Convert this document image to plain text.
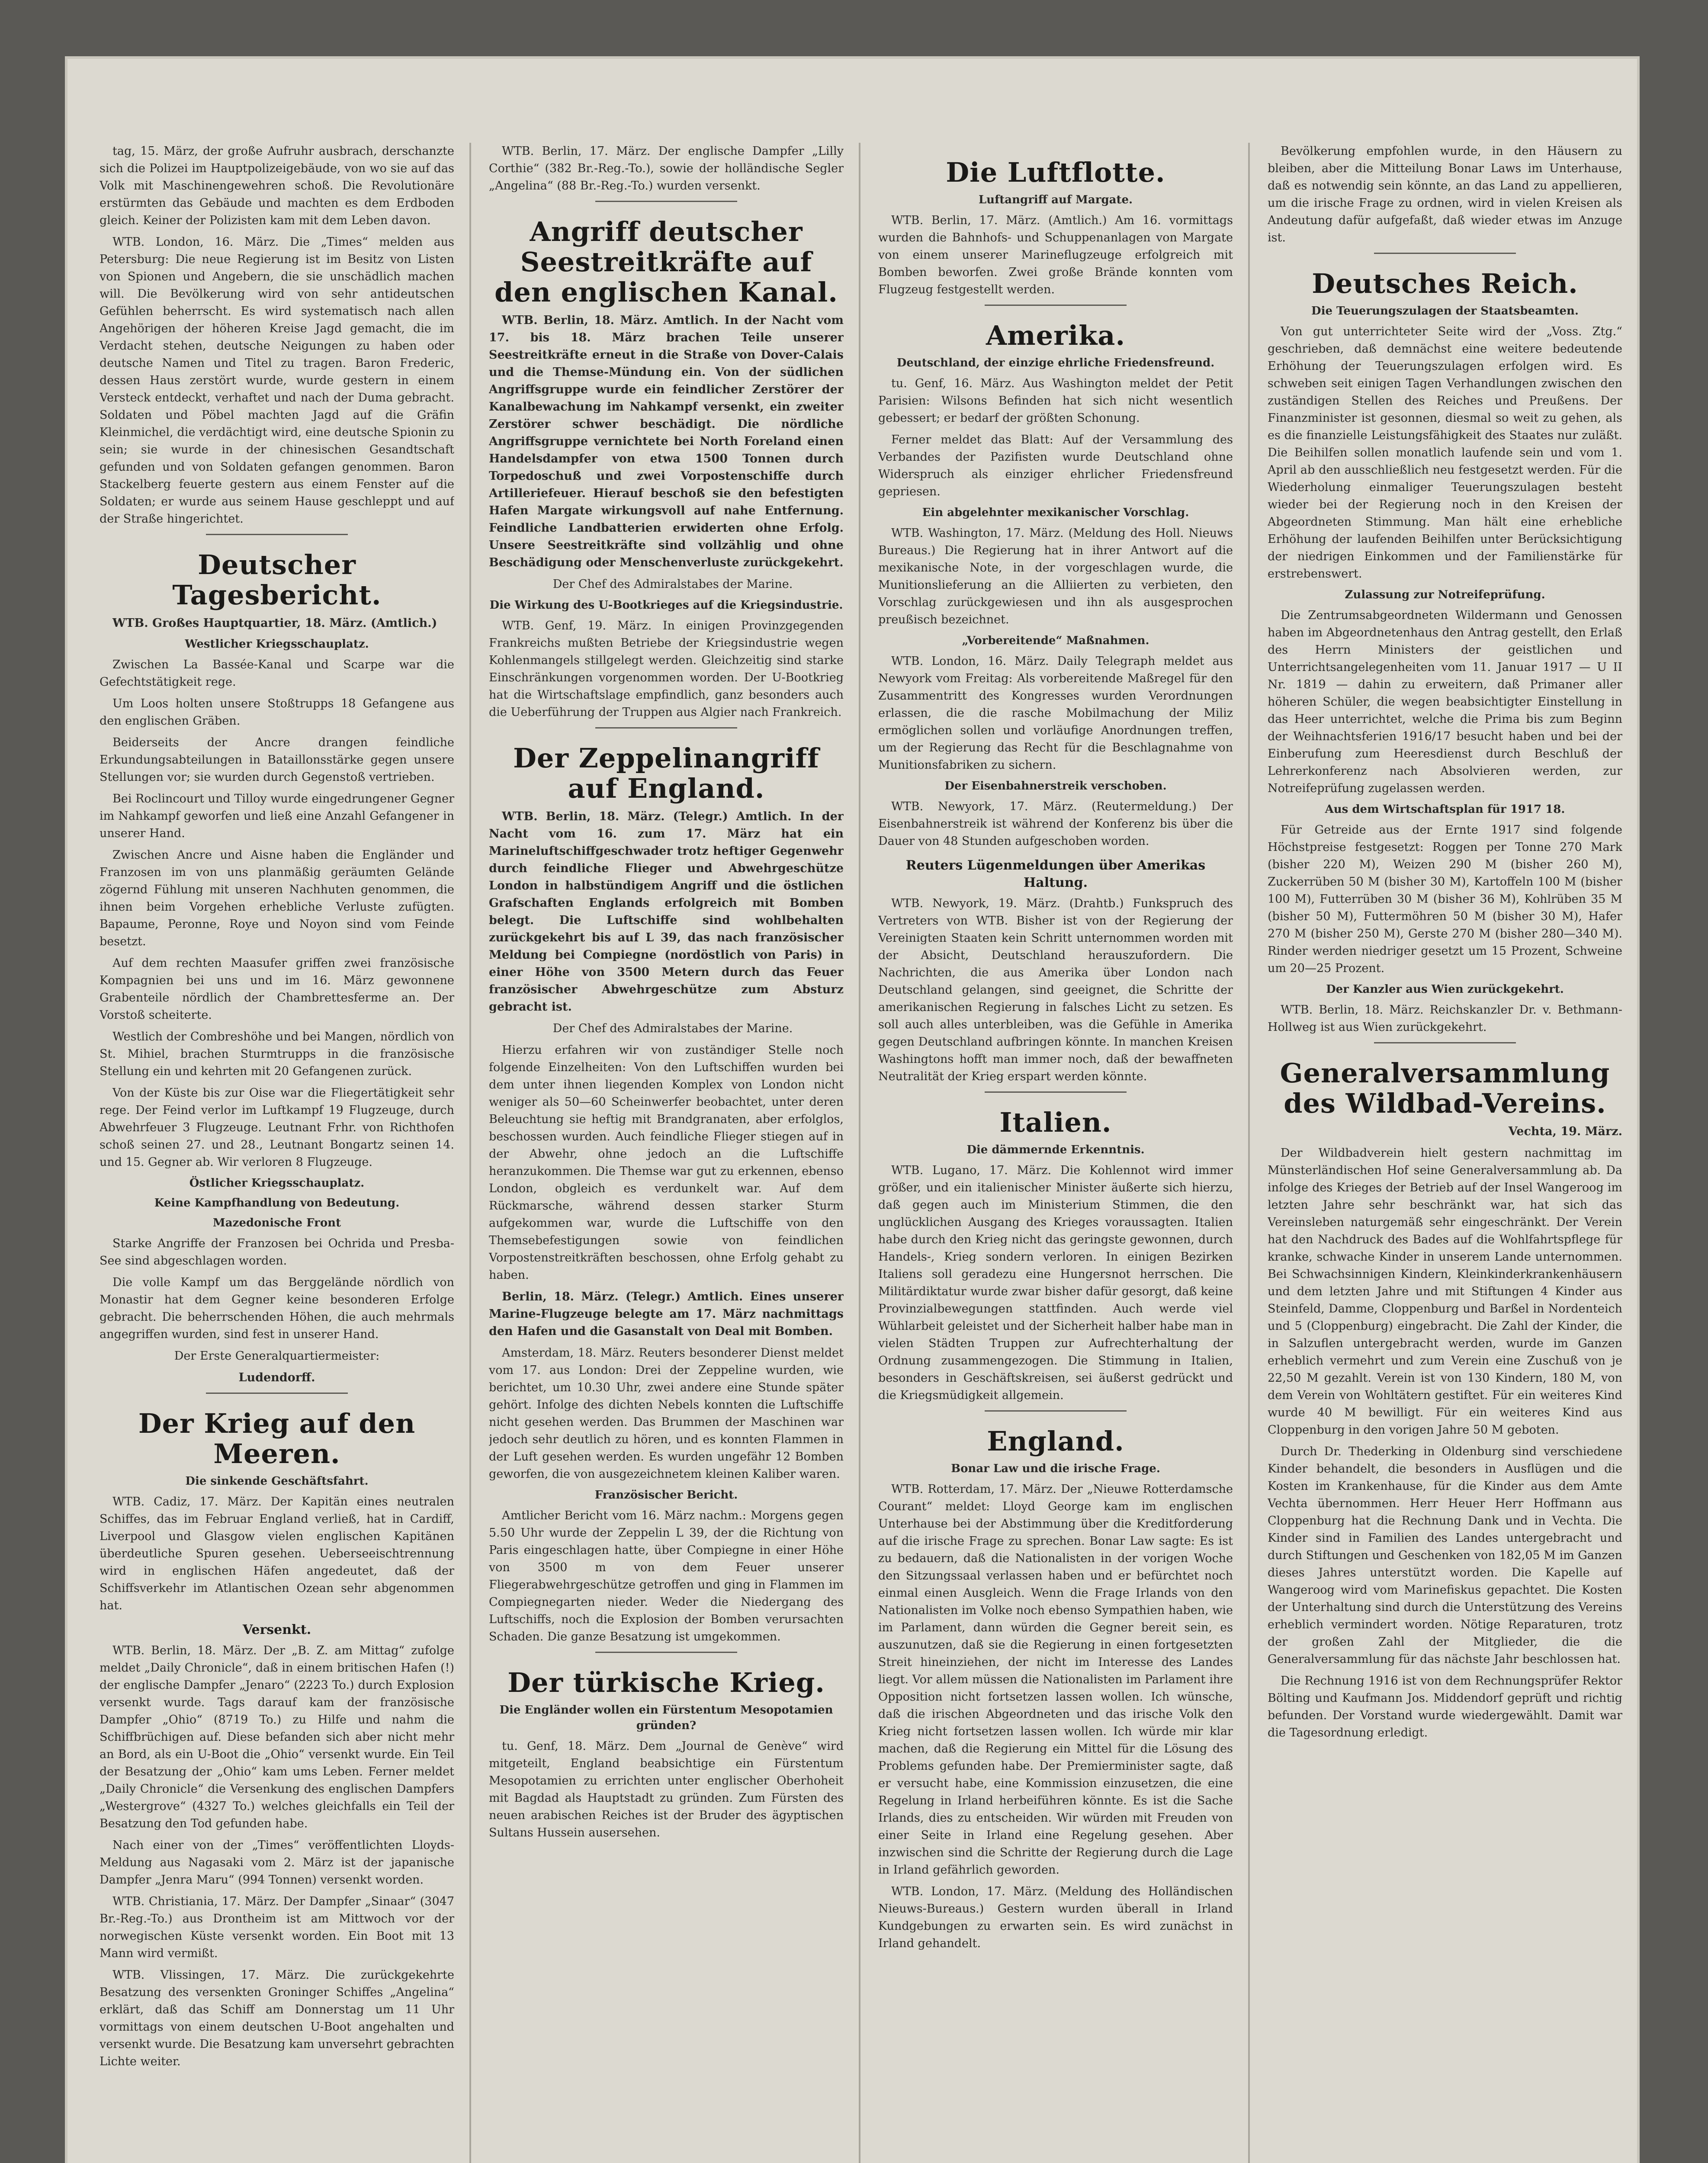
tag, 15. März, der große Aufruhr ausbrach, derschanzte sich die Polizei im Hauptpolizeigebäude, von wo sie auf das Volk mit Maschinengewehren schoß. Die Revolutionäre erstürmten das Gebäude und machten es dem Erdboden gleich. Keiner der Polizisten kam mit dem Leben davon.

WTB. London, 16. März. Die „Times“ melden aus Petersburg: Die neue Regierung ist im Besitz von Listen von Spionen und Angebern, die sie unschädlich machen will. Die Bevölkerung wird von sehr antideutschen Gefühlen beherrscht. Es wird systematisch nach allen Angehörigen der höheren Kreise Jagd gemacht, die im Verdacht stehen, deutsche Neigungen zu haben oder deutsche Namen und Titel zu tragen. Baron Frederic, dessen Haus zerstört wurde, wurde gestern in einem Versteck entdeckt, verhaftet und nach der Duma gebracht. Soldaten und Pöbel machten Jagd auf die Gräfin Kleinmichel, die verdächtigt wird, eine deutsche Spionin zu sein; sie wurde in der chinesischen Gesandtschaft gefunden und von Soldaten gefangen genommen. Baron Stackelberg feuerte gestern aus einem Fenster auf die Soldaten; er wurde aus seinem Hause geschleppt und auf der Straße hingerichtet.

Deutscher Tagesbericht.

WTB. Großes Hauptquartier, 18. März. (Amtlich.)

Westlicher Kriegsschauplatz.

Zwischen La Bassée-Kanal und Scarpe war die Gefechtstätigkeit rege.

Um Loos holten unsere Stoßtrupps 18 Gefangene aus den englischen Gräben.

Beiderseits der Ancre drangen feindliche Erkundungsabteilungen in Bataillonsstärke gegen unsere Stellungen vor; sie wurden durch Gegenstoß vertrieben.

Bei Roclincourt und Tilloy wurde eingedrungener Gegner im Nahkampf geworfen und ließ eine Anzahl Gefangener in unserer Hand.

Zwischen Ancre und Aisne haben die Engländer und Franzosen im von uns planmäßig geräumten Gelände zögernd Fühlung mit unseren Nachhuten genommen, die ihnen beim Vorgehen erhebliche Verluste zufügten. Bapaume, Peronne, Roye und Noyon sind vom Feinde besetzt.

Auf dem rechten Maasufer griffen zwei französische Kompagnien bei uns und im 16. März gewonnene Grabenteile nördlich der Chambrettesferme an. Der Vorstoß scheiterte.

Westlich der Combreshöhe und bei Mangen, nördlich von St. Mihiel, brachen Sturmtrupps in die französische Stellung ein und kehrten mit 20 Gefangenen zurück.

Von der Küste bis zur Oise war die Fliegertätigkeit sehr rege. Der Feind verlor im Luftkampf 19 Flugzeuge, durch Abwehrfeuer 3 Flugzeuge. Leutnant Frhr. von Richthofen schoß seinen 27. und 28., Leutnant Bongartz seinen 14. und 15. Gegner ab. Wir verloren 8 Flugzeuge.

Östlicher Kriegsschauplatz.
Keine Kampfhandlung von Bedeutung.
Mazedonische Front

Starke Angriffe der Franzosen bei Ochrida und Presba-See sind abgeschlagen worden.

Die volle Kampf um das Berggelände nördlich von Monastir hat dem Gegner keine besonderen Erfolge gebracht. Die beherrschenden Höhen, die auch mehrmals angegriffen wurden, sind fest in unserer Hand.

Der Erste Generalquartiermeister:

Ludendorff.

Der Krieg auf den Meeren.
Die sinkende Geschäftsfahrt.

WTB. Cadiz, 17. März. Der Kapitän eines neutralen Schiffes, das im Februar England verließ, hat in Cardiff, Liverpool und Glasgow vielen englischen Kapitänen überdeutliche Spuren gesehen. Ueberseeischtrennung wird in englischen Häfen angedeutet, daß der Schiffsverkehr im Atlantischen Ozean sehr abgenommen hat.

Versenkt.

WTB. Berlin, 18. März. Der „B. Z. am Mittag“ zufolge meldet „Daily Chronicle“, daß in einem britischen Hafen (!) der englische Dampfer „Jenaro“ (2223 To.) durch Explosion versenkt wurde. Tags darauf kam der französische Dampfer „Ohio“ (8719 To.) zu Hilfe und nahm die Schiffbrüchigen auf. Diese befanden sich aber nicht mehr an Bord, als ein U-Boot die „Ohio“ versenkt wurde. Ein Teil der Besatzung der „Ohio“ kam ums Leben. Ferner meldet „Daily Chronicle“ die Versenkung des englischen Dampfers „Westergrove“ (4327 To.) welches gleichfalls ein Teil der Besatzung den Tod gefunden habe.

Nach einer von der „Times“ veröffentlichten Lloyds-Meldung aus Nagasaki vom 2. März ist der japanische Dampfer „Jenra Maru“ (994 Tonnen) versenkt worden.

WTB. Christiania, 17. März. Der Dampfer „Sinaar“ (3047 Br.-Reg.-To.) aus Drontheim ist am Mittwoch vor der norwegischen Küste versenkt worden. Ein Boot mit 13 Mann wird vermißt.

WTB. Vlissingen, 17. März. Die zurückgekehrte Besatzung des versenkten Groninger Schiffes „Angelina“ erklärt, daß das Schiff am Donnerstag um 11 Uhr vormittags von einem deutschen U-Boot angehalten und versenkt wurde. Die Besatzung kam unversehrt gebrachten Lichte weiter.

WTB. Berlin, 17. März. Der englische Dampfer „Lilly Corthie“ (382 Br.-Reg.-To.), sowie der holländische Segler „Angelina“ (88 Br.-Reg.-To.) wurden versenkt.

Angriff deutscher Seestreitkräfte auf den englischen Kanal.

WTB. Berlin, 18. März. Amtlich. In der Nacht vom 17. bis 18. März brachen Teile unserer Seestreitkräfte erneut in die Straße von Dover-Calais und die Themse-Mündung ein. Von der südlichen Angriffsgruppe wurde ein feindlicher Zerstörer der Kanalbewachung im Nahkampf versenkt, ein zweiter Zerstörer schwer beschädigt. Die nördliche Angriffsgruppe vernichtete bei North Foreland einen Handelsdampfer von etwa 1500 Tonnen durch Torpedoschuß und zwei Vorpostenschiffe durch Artilleriefeuer. Hierauf beschoß sie den befestigten Hafen Margate wirkungsvoll auf nahe Entfernung. Feindliche Landbatterien erwiderten ohne Erfolg. Unsere Seestreitkräfte sind vollzählig und ohne Beschädigung oder Menschenverluste zurückgekehrt.

Der Chef des Admiralstabes der Marine.

Die Wirkung des U-Bootkrieges auf die Kriegsindustrie.

WTB. Genf, 19. März. In einigen Provinzgegenden Frankreichs mußten Betriebe der Kriegsindustrie wegen Kohlenmangels stillgelegt werden. Gleichzeitig sind starke Einschränkungen vorgenommen worden. Der U-Bootkrieg hat die Wirtschaftslage empfindlich, ganz besonders auch die Ueberführung der Truppen aus Algier nach Frankreich.

Der Zeppelinangriff auf England.

WTB. Berlin, 18. März. (Telegr.) Amtlich. In der Nacht vom 16. zum 17. März hat ein Marineluftschiffgeschwader trotz heftiger Gegenwehr durch feindliche Flieger und Abwehrgeschütze London in halbstündigem Angriff und die östlichen Grafschaften Englands erfolgreich mit Bomben belegt. Die Luftschiffe sind wohlbehalten zurückgekehrt bis auf L 39, das nach französischer Meldung bei Compiegne (nordöstlich von Paris) in einer Höhe von 3500 Metern durch das Feuer französischer Abwehrgeschütze zum Absturz gebracht ist.

Der Chef des Admiralstabes der Marine.

Hierzu erfahren wir von zuständiger Stelle noch folgende Einzelheiten: Von den Luftschiffen wurden bei dem unter ihnen liegenden Komplex von London nicht weniger als 50—60 Scheinwerfer beobachtet, unter deren Beleuchtung sie heftig mit Brandgranaten, aber erfolglos, beschossen wurden. Auch feindliche Flieger stiegen auf in der Abwehr, ohne jedoch an die Luftschiffe heranzukommen. Die Themse war gut zu erkennen, ebenso London, obgleich es verdunkelt war. Auf dem Rückmarsche, während dessen starker Sturm aufgekommen war, wurde die Luftschiffe von den Themsebefestigungen sowie von feindlichen Vorpostenstreitkräften beschossen, ohne Erfolg gehabt zu haben.

Berlin, 18. März. (Telegr.) Amtlich. Eines unserer Marine-Flugzeuge belegte am 17. März nachmittags den Hafen und die Gasanstalt von Deal mit Bomben.

Amsterdam, 18. März. Reuters besonderer Dienst meldet vom 17. aus London: Drei der Zeppeline wurden, wie berichtet, um 10.30 Uhr, zwei andere eine Stunde später gehört. Infolge des dichten Nebels konnten die Luftschiffe nicht gesehen werden. Das Brummen der Maschinen war jedoch sehr deutlich zu hören, und es konnten Flammen in der Luft gesehen werden. Es wurden ungefähr 12 Bomben geworfen, die von ausgezeichnetem kleinen Kaliber waren.

Französischer Bericht.

Amtlicher Bericht vom 16. März nachm.: Morgens gegen 5.50 Uhr wurde der Zeppelin L 39, der die Richtung von Paris eingeschlagen hatte, über Compiegne in einer Höhe von 3500 m von dem Feuer unserer Fliegerabwehrgeschütze getroffen und ging in Flammen im Compiegnegarten nieder. Weder die Niedergang des Luftschiffs, noch die Explosion der Bomben verursachten Schaden. Die ganze Besatzung ist umgekommen.

Der türkische Krieg.
Die Engländer wollen ein Fürstentum Mesopotamien gründen?

tu. Genf, 18. März. Dem „Journal de Genève“ wird mitgeteilt, England beabsichtige ein Fürstentum Mesopotamien zu errichten unter englischer Oberhoheit mit Bagdad als Hauptstadt zu gründen. Zum Fürsten des neuen arabischen Reiches ist der Bruder des ägyptischen Sultans Hussein ausersehen.

Die Luftflotte.
Luftangriff auf Margate.

WTB. Berlin, 17. März. (Amtlich.) Am 16. vormittags wurden die Bahnhofs- und Schuppenanlagen von Margate von einem unserer Marineflugzeuge erfolgreich mit Bomben beworfen. Zwei große Brände konnten vom Flugzeug festgestellt werden.

Amerika.
Deutschland, der einzige ehrliche Friedensfreund.

tu. Genf, 16. März. Aus Washington meldet der Petit Parisien: Wilsons Befinden hat sich nicht wesentlich gebessert; er bedarf der größten Schonung.

Ferner meldet das Blatt: Auf der Versammlung des Verbandes der Pazifisten wurde Deutschland ohne Widerspruch als einziger ehrlicher Friedensfreund gepriesen.

Ein abgelehnter mexikanischer Vorschlag.

WTB. Washington, 17. März. (Meldung des Holl. Nieuws Bureaus.) Die Regierung hat in ihrer Antwort auf die mexikanische Note, in der vorgeschlagen wurde, die Munitionslieferung an die Alliierten zu verbieten, den Vorschlag zurückgewiesen und ihn als ausgesprochen preußisch bezeichnet.

„Vorbereitende“ Maßnahmen.

WTB. London, 16. März. Daily Telegraph meldet aus Newyork vom Freitag: Als vorbereitende Maßregel für den Zusammentritt des Kongresses wurden Verordnungen erlassen, die die rasche Mobilmachung der Miliz ermöglichen sollen und vorläufige Anordnungen treffen, um der Regierung das Recht für die Beschlagnahme von Munitionsfabriken zu sichern.

Der Eisenbahnerstreik verschoben.

WTB. Newyork, 17. März. (Reutermeldung.) Der Eisenbahnerstreik ist während der Konferenz bis über die Dauer von 48 Stunden aufgeschoben worden.

Reuters Lügenmeldungen über Amerikas Haltung.

WTB. Newyork, 19. März. (Drahtb.) Funkspruch des Vertreters von WTB. Bisher ist von der Regierung der Vereinigten Staaten kein Schritt unternommen worden mit der Absicht, Deutschland herauszufordern. Die Nachrichten, die aus Amerika über London nach Deutschland gelangen, sind geeignet, die Schritte der amerikanischen Regierung in falsches Licht zu setzen. Es soll auch alles unterbleiben, was die Gefühle in Amerika gegen Deutschland aufbringen könnte. In manchen Kreisen Washingtons hofft man immer noch, daß der bewaffneten Neutralität der Krieg erspart werden könnte.

Italien.
Die dämmernde Erkenntnis.

WTB. Lugano, 17. März. Die Kohlennot wird immer größer, und ein italienischer Minister äußerte sich hierzu, daß gegen auch im Ministerium Stimmen, die den unglücklichen Ausgang des Krieges voraussagten. Italien habe durch den Krieg nicht das geringste gewonnen, durch Handels-, Krieg sondern verloren. In einigen Bezirken Italiens soll geradezu eine Hungersnot herrschen. Die Militärdiktatur wurde zwar bisher dafür gesorgt, daß keine Provinzialbewegungen stattfinden. Auch werde viel Wühlarbeit geleistet und der Sicherheit halber habe man in vielen Städten Truppen zur Aufrechterhaltung der Ordnung zusammengezogen. Die Stimmung in Italien, besonders in Geschäftskreisen, sei äußerst gedrückt und die Kriegsmüdigkeit allgemein.

England.
Bonar Law und die irische Frage.

WTB. Rotterdam, 17. März. Der „Nieuwe Rotterdamsche Courant“ meldet: Lloyd George kam im englischen Unterhause bei der Abstimmung über die Kreditforderung auf die irische Frage zu sprechen. Bonar Law sagte: Es ist zu bedauern, daß die Nationalisten in der vorigen Woche den Sitzungssaal verlassen haben und er befürchtet noch einmal einen Ausgleich. Wenn die Frage Irlands von den Nationalisten im Volke noch ebenso Sympathien haben, wie im Parlament, dann würden die Gegner bereit sein, es auszunutzen, daß sie die Regierung in einen fortgesetzten Streit hineinziehen, der nicht im Interesse des Landes liegt. Vor allem müssen die Nationalisten im Parlament ihre Opposition nicht fortsetzen lassen wollen. Ich wünsche, daß die irischen Abgeordneten und das irische Volk den Krieg nicht fortsetzen lassen wollen. Ich würde mir klar machen, daß die Regierung ein Mittel für die Lösung des Problems gefunden habe. Der Premierminister sagte, daß er versucht habe, eine Kommission einzusetzen, die eine Regelung in Irland herbeiführen könnte. Es ist die Sache Irlands, dies zu entscheiden. Wir würden mit Freuden von einer Seite in Irland eine Regelung gesehen. Aber inzwischen sind die Schritte der Regierung durch die Lage in Irland gefährlich geworden.

WTB. London, 17. März. (Meldung des Holländischen Nieuws-Bureaus.) Gestern wurden überall in Irland Kundgebungen zu erwarten sein. Es wird zunächst in Irland gehandelt.

Bevölkerung empfohlen wurde, in den Häusern zu bleiben, aber die Mitteilung Bonar Laws im Unterhause, daß es notwendig sein könnte, an das Land zu appellieren, um die irische Frage zu ordnen, wird in vielen Kreisen als Andeutung dafür aufgefaßt, daß wieder etwas im Anzuge ist.

Deutsches Reich.
Die Teuerungszulagen der Staatsbeamten.

Von gut unterrichteter Seite wird der „Voss. Ztg.“ geschrieben, daß demnächst eine weitere bedeutende Erhöhung der Teuerungszulagen erfolgen wird. Es schweben seit einigen Tagen Verhandlungen zwischen den zuständigen Stellen des Reiches und Preußens. Der Finanzminister ist gesonnen, diesmal so weit zu gehen, als es die finanzielle Leistungsfähigkeit des Staates nur zuläßt. Die Beihilfen sollen monatlich laufende sein und vom 1. April ab den ausschließlich neu festgesetzt werden. Für die Wiederholung einmaliger Teuerungszulagen besteht wieder bei der Regierung noch in den Kreisen der Abgeordneten Stimmung. Man hält eine erhebliche Erhöhung der laufenden Beihilfen unter Berücksichtigung der niedrigen Einkommen und der Familienstärke für erstrebenswert.

Zulassung zur Notreifeprüfung.

Die Zentrumsabgeordneten Wildermann und Genossen haben im Abgeordnetenhaus den Antrag gestellt, den Erlaß des Herrn Ministers der geistlichen und Unterrichtsangelegenheiten vom 11. Januar 1917 — U II Nr. 1819 — dahin zu erweitern, daß Primaner aller höheren Schüler, die wegen beabsichtigter Einstellung in das Heer unterrichtet, welche die Prima bis zum Beginn der Weihnachtsferien 1916/17 besucht haben und bei der Einberufung zum Heeresdienst durch Beschluß der Lehrerkonferenz nach Absolvieren werden, zur Notreifeprüfung zugelassen werden.

Aus dem Wirtschaftsplan für 1917 18.

Für Getreide aus der Ernte 1917 sind folgende Höchstpreise festgesetzt: Roggen per Tonne 270 Mark (bisher 220 M), Weizen 290 M (bisher 260 M), Zuckerrüben 50 M (bisher 30 M), Kartoffeln 100 M (bisher 100 M), Futterrüben 30 M (bisher 36 M), Kohlrüben 35 M (bisher 50 M), Futtermöhren 50 M (bisher 30 M), Hafer 270 M (bisher 250 M), Gerste 270 M (bisher 280—340 M). Rinder werden niedriger gesetzt um 15 Prozent, Schweine um 20—25 Prozent.

Der Kanzler aus Wien zurückgekehrt.

WTB. Berlin, 18. März. Reichskanzler Dr. v. Bethmann-Hollweg ist aus Wien zurückgekehrt.

Generalversammlung des Wildbad-Vereins.

Vechta, 19. März.

Der Wildbadverein hielt gestern nachmittag im Münsterländischen Hof seine Generalversammlung ab. Da infolge des Krieges der Betrieb auf der Insel Wangeroog im letzten Jahre sehr beschränkt war, hat sich das Vereinsleben naturgemäß sehr eingeschränkt. Der Verein hat den Nachdruck des Bades auf die Wohlfahrtspflege für kranke, schwache Kinder in unserem Lande unternommen. Bei Schwachsinnigen Kindern, Kleinkinderkrankenhäusern und dem letzten Jahre und mit Stiftungen 4 Kinder aus Steinfeld, Damme, Cloppenburg und Barßel in Nordenteich und 5 (Cloppenburg) eingebracht. Die Zahl der Kinder, die in Salzuflen untergebracht werden, wurde im Ganzen erheblich vermehrt und zum Verein eine Zuschuß von je 22,50 M gezahlt. Verein ist von 130 Kindern, 180 M, von dem Verein von Wohltätern gestiftet. Für ein weiteres Kind wurde 40 M bewilligt. Für ein weiteres Kind aus Cloppenburg in den vorigen Jahre 50 M geboten.

Durch Dr. Thederking in Oldenburg sind verschiedene Kinder behandelt, die besonders in Ausflügen und die Kosten im Krankenhause, für die Kinder aus dem Amte Vechta übernommen. Herr Heuer Herr Hoffmann aus Cloppenburg hat die Rechnung Dank und in Vechta. Die Kinder sind in Familien des Landes untergebracht und durch Stiftungen und Geschenken von 182,05 M im Ganzen dieses Jahres unterstützt worden. Die Kapelle auf Wangeroog wird vom Marinefiskus gepachtet. Die Kosten der Unterhaltung sind durch die Unterstützung des Vereins erheblich vermindert worden. Nötige Reparaturen, trotz der großen Zahl der Mitglieder, die die Generalversammlung für das nächste Jahr beschlossen hat.

Die Rechnung 1916 ist von dem Rechnungsprüfer Rektor Bölting und Kaufmann Jos. Middendorf geprüft und richtig befunden. Der Vorstand wurde wiedergewählt. Damit war die Tagesordnung erledigt.
